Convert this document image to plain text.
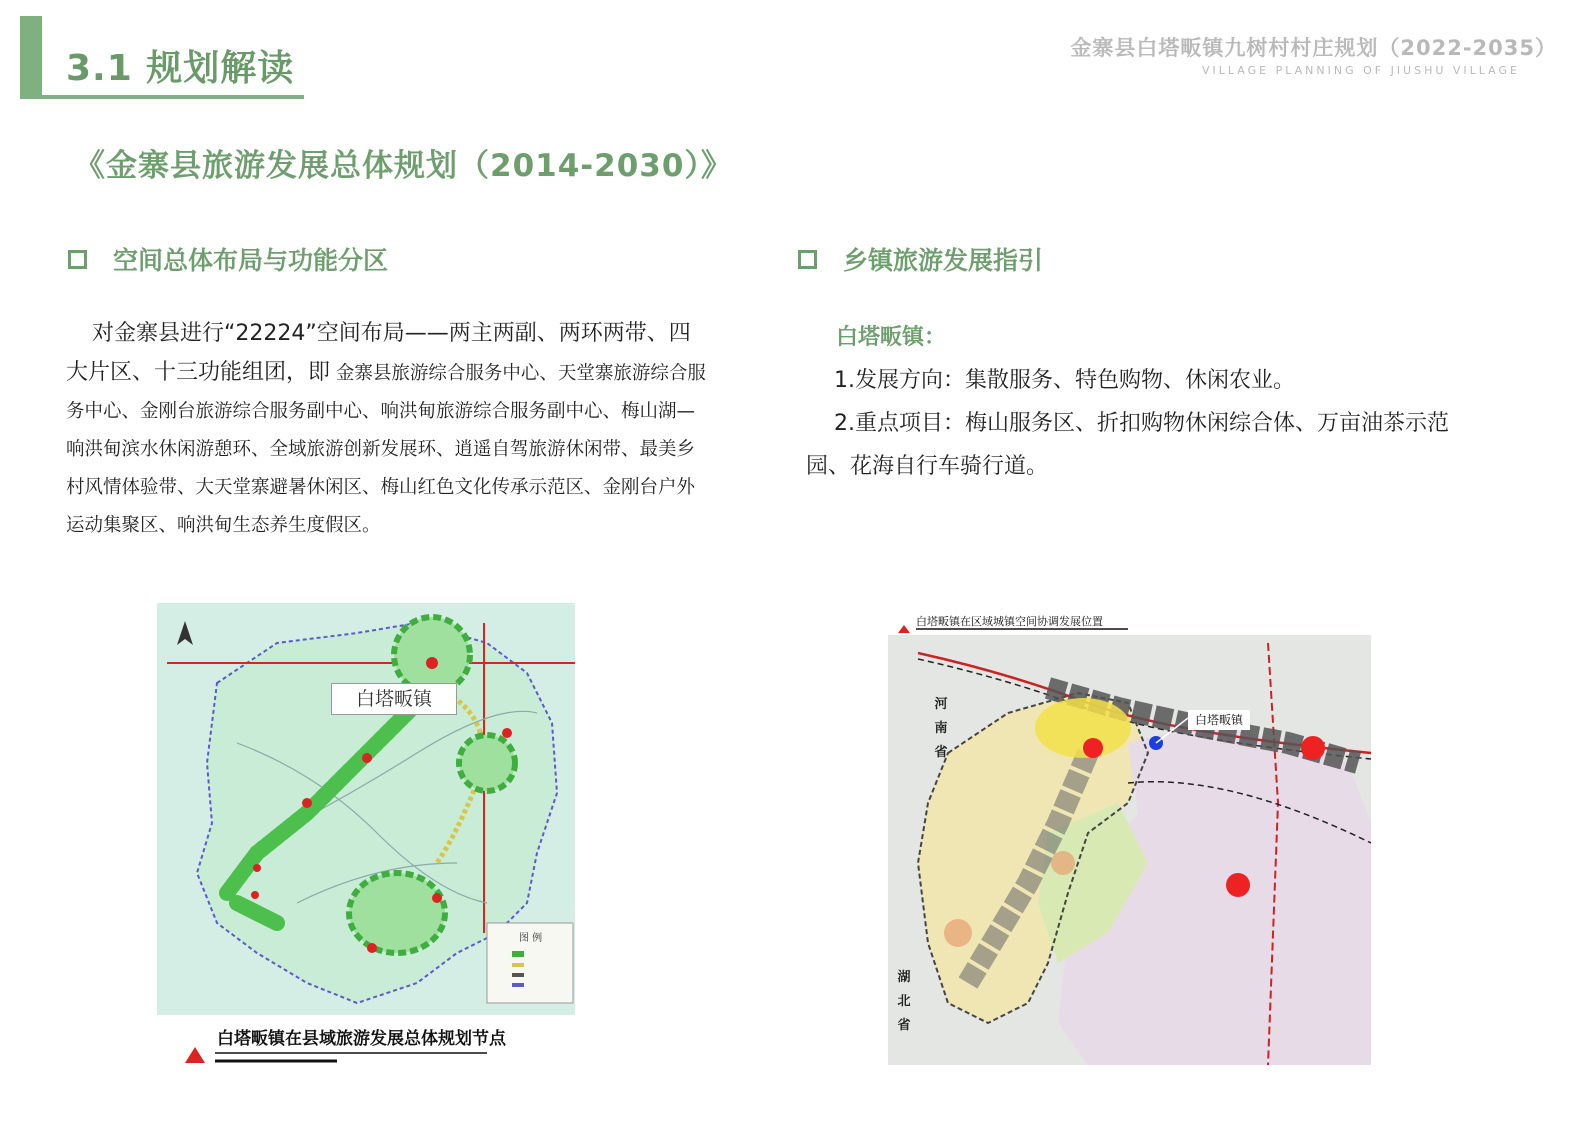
3.1 规划解读	金寨县白塔畈镇九树村村庄规划（2022-2035）
VILLAGE PLANNING OF JIUSHU VILLAGE
《金寨县旅游发展总体规划（2014-2030）》
空间总体布局与功能分区	乡镇旅游发展指引
对金寨县进行“22224”空间布局——两主两副、两环两带、四大片区、十三功能组团，即 金寨县旅游综合服务中心、天堂寨旅游综合服务中心、金刚台旅游综合服务副中心、响洪甸旅游综合服务副中心、梅山湖—响洪甸滨水休闲游憩环、全域旅游创新发展环、逍遥自驾旅游休闲带、最美乡村风情体验带、大天堂寨避暑休闲区、梅山红色文化传承示范区、金刚台户外运动集聚区、响洪甸生态养生度假区。
白塔畈镇：
1.发展方向：集散服务、特色购物、休闲农业。
2.重点项目：梅山服务区、折扣购物休闲综合体、万亩油茶示范园、花海自行车骑行道。
白塔畈镇
图 例
白塔畈镇在县域旅游发展总体规划节点
白塔畈镇在区域城镇空间协调发展位置
白塔畈镇
河南省
湖北省
